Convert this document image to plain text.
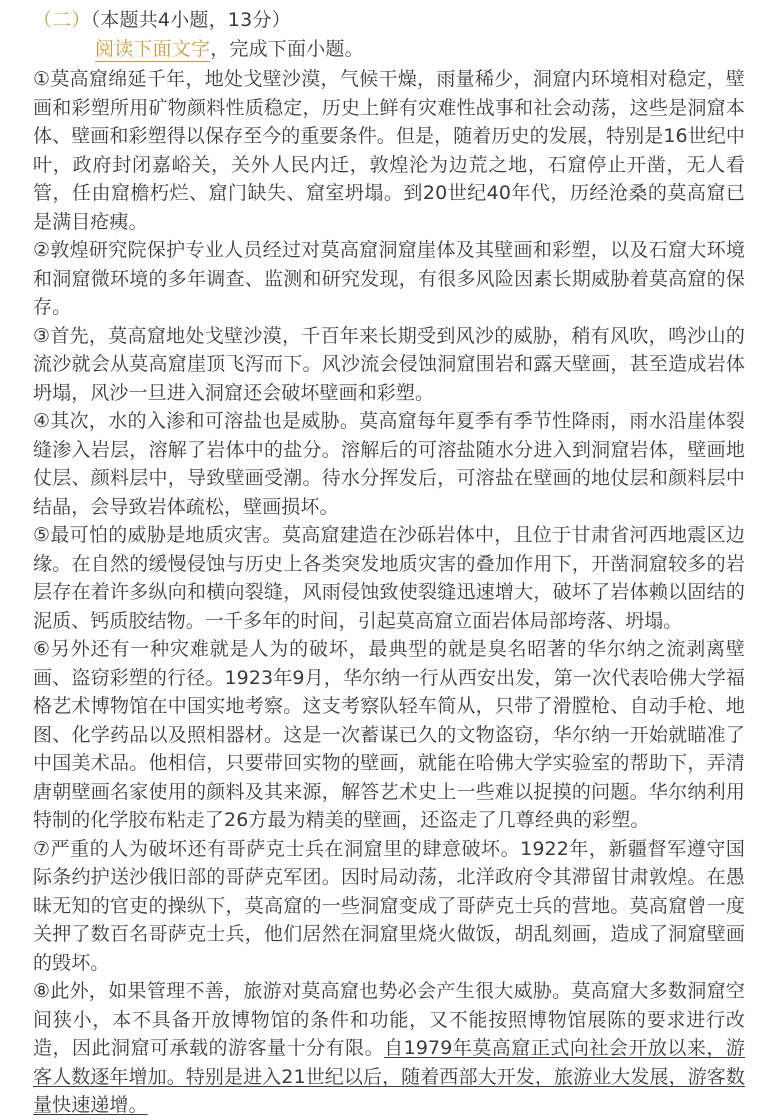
（二）（本题共4小题，13分）
阅读下面文字，完成下面小题。

①莫高窟绵延千年，地处戈壁沙漠，气候干燥，雨量稀少，洞窟内环境相对稳定，壁画和彩塑所用矿物颜料性质稳定，历史上鲜有灾难性战事和社会动荡，这些是洞窟本体、壁画和彩塑得以保存至今的重要条件。但是，随着历史的发展，特别是16世纪中叶，政府封闭嘉峪关，关外人民内迁，敦煌沦为边荒之地，石窟停止开凿，无人看管，任由窟檐朽烂、窟门缺失、窟室坍塌。到20世纪40年代，历经沧桑的莫高窟已是满目疮痍。

②敦煌研究院保护专业人员经过对莫高窟洞窟崖体及其壁画和彩塑，以及石窟大环境和洞窟微环境的多年调查、监测和研究发现，有很多风险因素长期威胁着莫高窟的保存。

③首先，莫高窟地处戈壁沙漠，千百年来长期受到风沙的威胁，稍有风吹，鸣沙山的流沙就会从莫高窟崖顶飞泻而下。风沙流会侵蚀洞窟围岩和露天壁画，甚至造成岩体坍塌，风沙一旦进入洞窟还会破坏壁画和彩塑。

④其次，水的入渗和可溶盐也是威胁。莫高窟每年夏季有季节性降雨，雨水沿崖体裂缝渗入岩层，溶解了岩体中的盐分。溶解后的可溶盐随水分进入到洞窟岩体，壁画地仗层、颜料层中，导致壁画受潮。待水分挥发后，可溶盐在壁画的地仗层和颜料层中结晶，会导致岩体疏松，壁画损坏。

⑤最可怕的威胁是地质灾害。莫高窟建造在沙砾岩体中，且位于甘肃省河西地震区边缘。在自然的缓慢侵蚀与历史上各类突发地质灾害的叠加作用下，开凿洞窟较多的岩层存在着许多纵向和横向裂缝，风雨侵蚀致使裂缝迅速增大，破坏了岩体赖以固结的泥质、钙质胶结物。一千多年的时间，引起莫高窟立面岩体局部垮落、坍塌。

⑥另外还有一种灾难就是人为的破坏，最典型的就是臭名昭著的华尔纳之流剥离壁画、盗窃彩塑的行径。1923年9月，华尔纳一行从西安出发，第一次代表哈佛大学福格艺术博物馆在中国实地考察。这支考察队轻车简从，只带了滑膛枪、自动手枪、地图、化学药品以及照相器材。这是一次蓄谋已久的文物盗窃，华尔纳一开始就瞄准了中国美术品。他相信，只要带回实物的壁画，就能在哈佛大学实验室的帮助下，弄清唐朝壁画名家使用的颜料及其来源，解答艺术史上一些难以捉摸的问题。华尔纳利用特制的化学胶布粘走了26方最为精美的壁画，还盗走了几尊经典的彩塑。

⑦严重的人为破坏还有哥萨克士兵在洞窟里的肆意破坏。1922年，新疆督军遵守国际条约护送沙俄旧部的哥萨克军团。因时局动荡，北洋政府令其滞留甘肃敦煌。在愚昧无知的官吏的操纵下，莫高窟的一些洞窟变成了哥萨克士兵的营地。莫高窟曾一度关押了数百名哥萨克士兵，他们居然在洞窟里烧火做饭，胡乱刻画，造成了洞窟壁画的毁坏。

⑧此外，如果管理不善，旅游对莫高窟也势必会产生很大威胁。莫高窟大多数洞窟空间狭小，本不具备开放博物馆的条件和功能，又不能按照博物馆展陈的要求进行改造，因此洞窟可承载的游客量十分有限。自1979年莫高窟正式向社会开放以来，游客人数逐年增加。特别是进入21世纪以后，随着西部大开发，旅游业大发展，游客数量快速递增。
